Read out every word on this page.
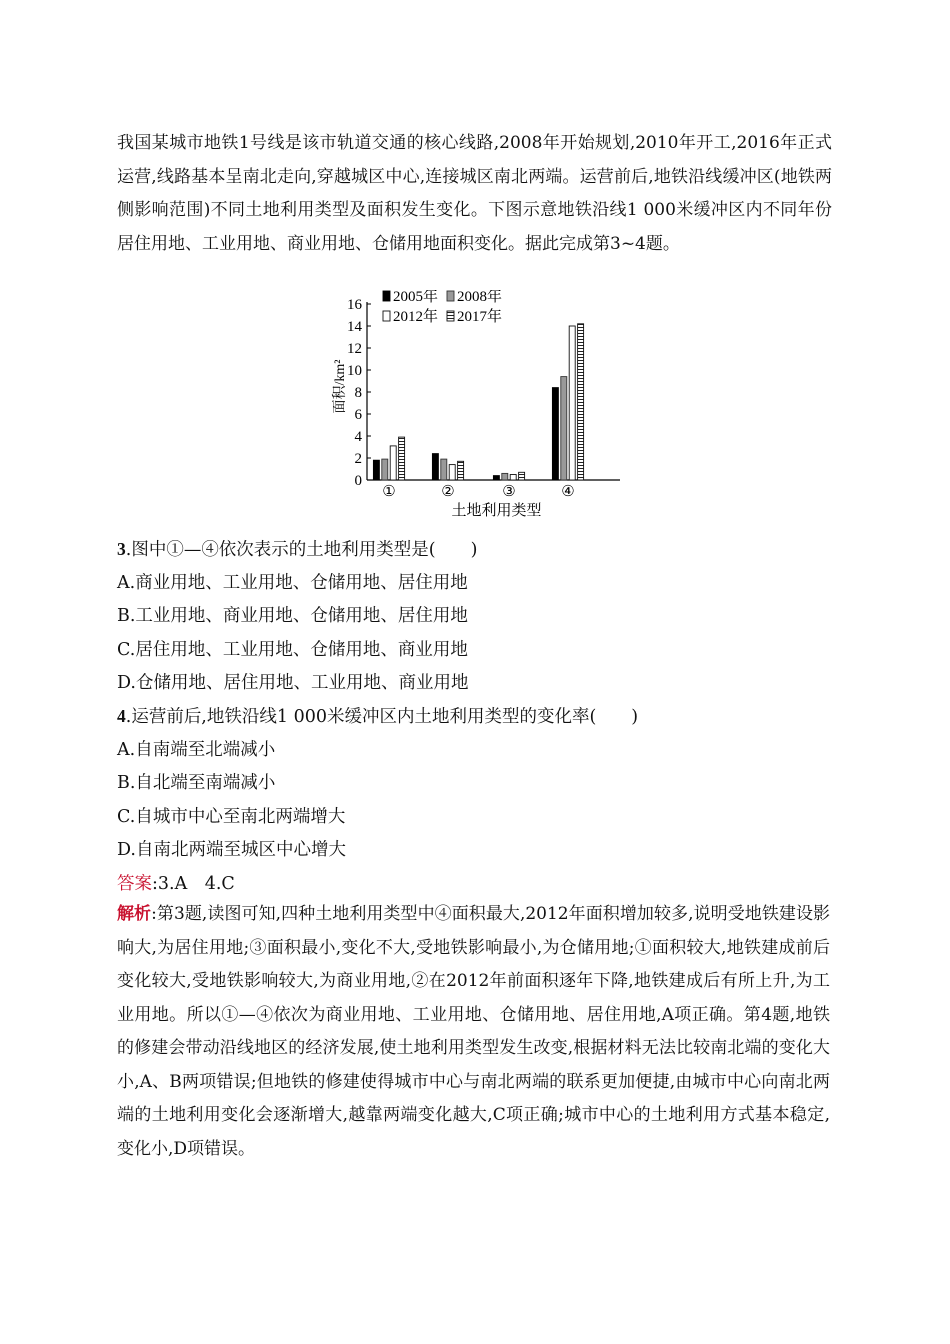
我国某城市地铁1号线是该市轨道交通的核心线路,2008年开始规划,2010年开工,2016年正式运营,线路基本呈南北走向,穿越城区中心,连接城区南北两端。运营前后,地铁沿线缓冲区(地铁两侧影响范围)不同土地利用类型及面积发生变化。下图示意地铁沿线1 000米缓冲区内不同年份居住用地、工业用地、商业用地、仓储用地面积变化。据此完成第3~4题。

0
2
4
6
8
10
12
14
16
面积/km²
①	②	③	④
土地利用类型
2005年 2008年
2012年 2017年
3.图中①—④依次表示的土地利用类型是(　　)
A.商业用地、工业用地、仓储用地、居住用地
B.工业用地、商业用地、仓储用地、居住用地
C.居住用地、工业用地、仓储用地、商业用地
D.仓储用地、居住用地、工业用地、商业用地
4.运营前后,地铁沿线1 000米缓冲区内土地利用类型的变化率(　　)
A.自南端至北端减小
B.自北端至南端减小
C.自城市中心至南北两端增大
D.自南北两端至城区中心增大
答案:3.A　4.C
解析:第3题,读图可知,四种土地利用类型中④面积最大,2012年面积增加较多,说明受地铁建设影响大,为居住用地;③面积最小,变化不大,受地铁影响最小,为仓储用地;①面积较大,地铁建成前后变化较大,受地铁影响较大,为商业用地,②在2012年前面积逐年下降,地铁建成后有所上升,为工业用地。所以①—④依次为商业用地、工业用地、仓储用地、居住用地,A项正确。第4题,地铁的修建会带动沿线地区的经济发展,使土地利用类型发生改变,根据材料无法比较南北端的变化大小,A、B两项错误;但地铁的修建使得城市中心与南北两端的联系更加便捷,由城市中心向南北两端的土地利用变化会逐渐增大,越靠两端变化越大,C项正确;城市中心的土地利用方式基本稳定,变化小,D项错误。
